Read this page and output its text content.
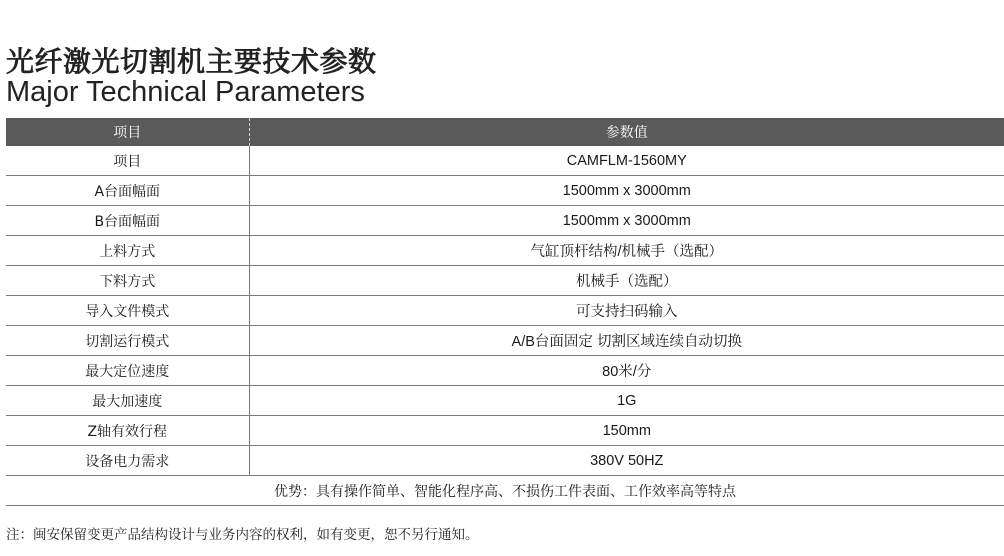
光纤激光切割机主要技术参数
Major Technical Parameters
项目	参数值
项目	CAMFLM-1560MY
A台面幅面	1500mm x 3000mm
B台面幅面	1500mm x 3000mm
上料方式	气缸顶杆结构/机械手（选配）
下料方式	机械手（选配）
导入文件模式	可支持扫码输入
切割运行模式	A/B台面固定 切割区域连续自动切换
最大定位速度	80米/分
最大加速度	1G
Z轴有效行程	150mm
设备电力需求	380V 50HZ
优势：具有操作简单、智能化程序高、不损伤工件表面、工作效率高等特点	
注：闽安保留变更产品结构设计与业务内容的权利，如有变更，恕不另行通知。
